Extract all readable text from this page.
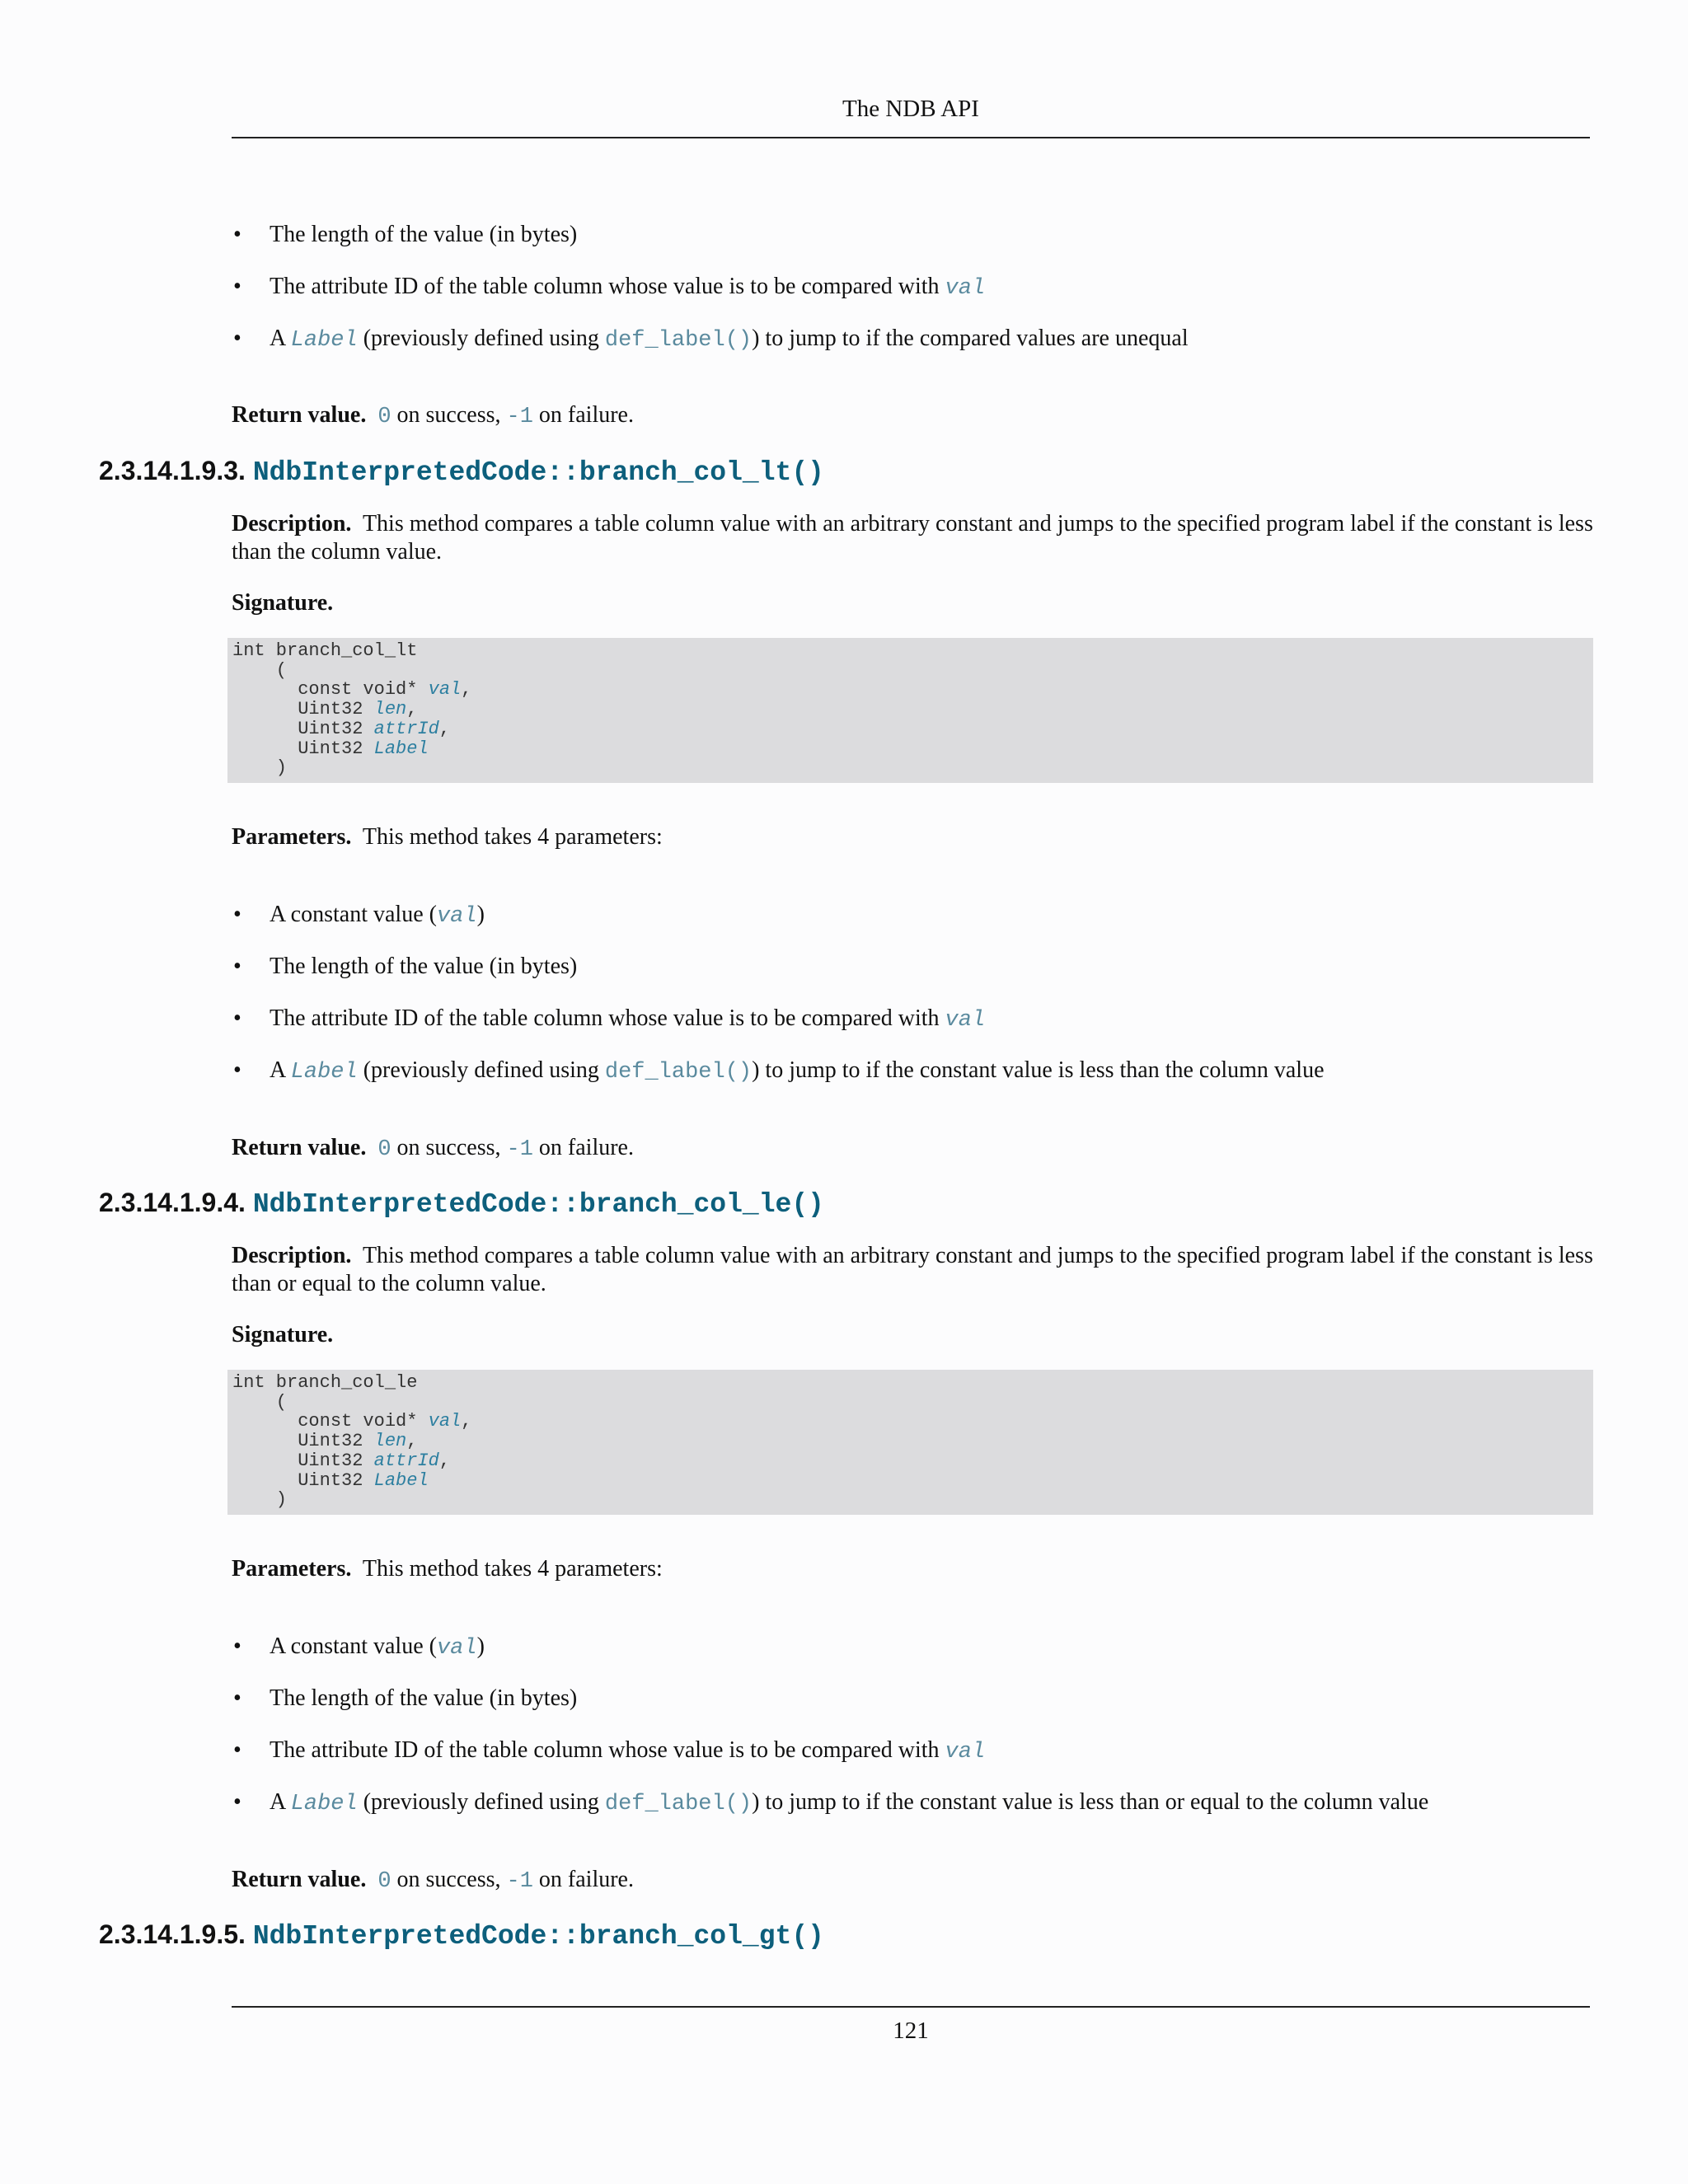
The NDB API
• The length of the value (in bytes)
• The attribute ID of the table column whose value is to be compared with val
• A Label (previously defined using def_label()) to jump to if the compared values are unequal
Return value. 0 on success, -1 on failure.
2.3.14.1.9.3. NdbInterpretedCode::branch_col_lt()
Description. This method compares a table column value with an arbitrary constant and jumps to the specified program label if the constant is less than the column value.
Signature.
int branch_col_lt
(
const void* val,
Uint32 len,
Uint32 attrId,
Uint32 Label
)
Parameters. This method takes 4 parameters:
• A constant value (val)
• The length of the value (in bytes)
• The attribute ID of the table column whose value is to be compared with val
• A Label (previously defined using def_label()) to jump to if the constant value is less than the column value
Return value. 0 on success, -1 on failure.
2.3.14.1.9.4. NdbInterpretedCode::branch_col_le()
Description. This method compares a table column value with an arbitrary constant and jumps to the specified program label if the constant is less than or equal to the column value.
Signature.
int branch_col_le
(
const void* val,
Uint32 len,
Uint32 attrId,
Uint32 Label
)
Parameters. This method takes 4 parameters:
• A constant value (val)
• The length of the value (in bytes)
• The attribute ID of the table column whose value is to be compared with val
• A Label (previously defined using def_label()) to jump to if the constant value is less than or equal to the column value
Return value. 0 on success, -1 on failure.
2.3.14.1.9.5. NdbInterpretedCode::branch_col_gt()
121
